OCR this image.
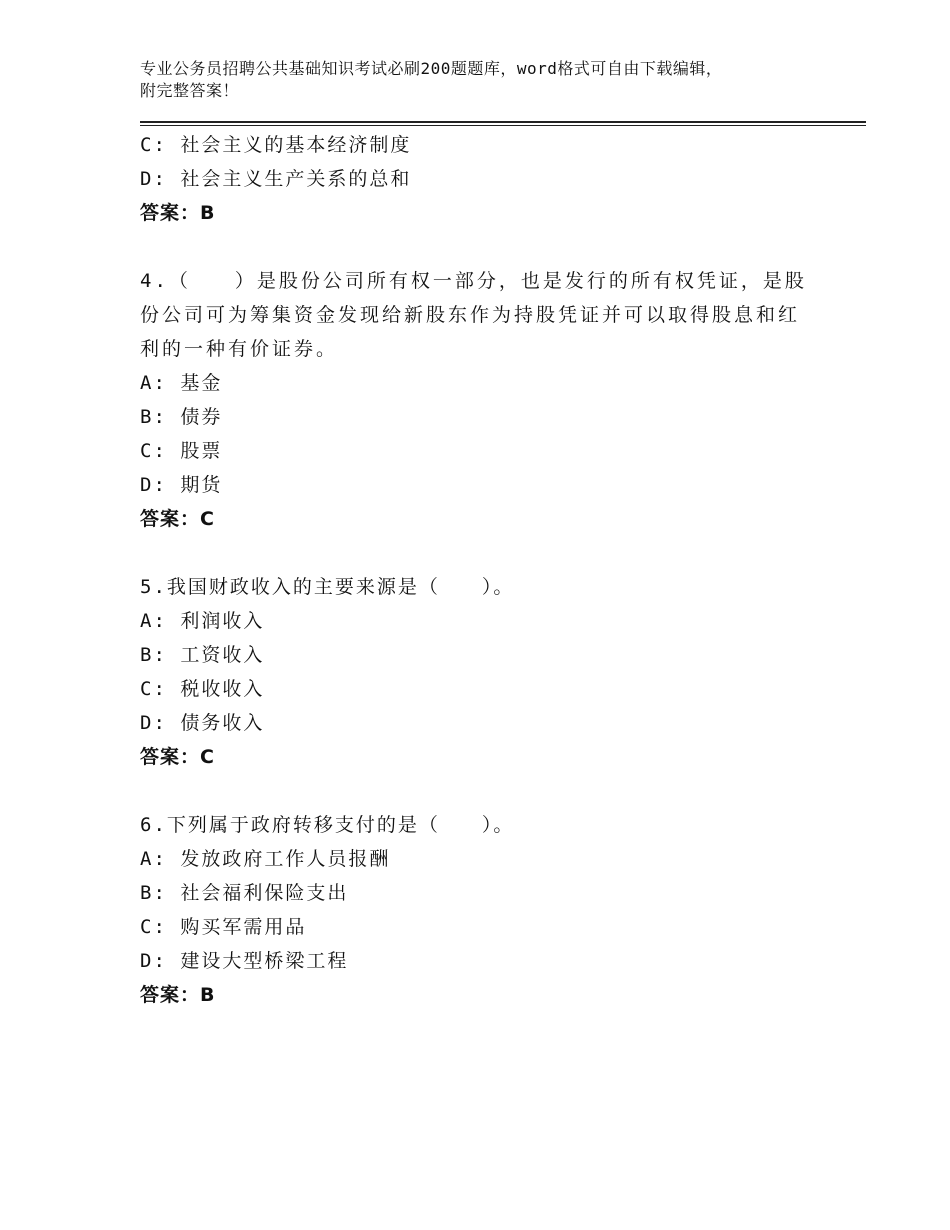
专业公务员招聘公共基础知识考试必刷200题题库，word格式可自由下载编辑，
附完整答案！
C: 社会主义的基本经济制度
D: 社会主义生产关系的总和
答案：B
4.（　　）是股份公司所有权一部分，也是发行的所有权凭证，是股
份公司可为筹集资金发现给新股东作为持股凭证并可以取得股息和红
利的一种有价证券。
A: 基金
B: 债券
C: 股票
D: 期货
答案：C
5.我国财政收入的主要来源是（　　）。
A: 利润收入
B: 工资收入
C: 税收收入
D: 债务收入
答案：C
6.下列属于政府转移支付的是（　　）。
A: 发放政府工作人员报酬
B: 社会福利保险支出
C: 购买军需用品
D: 建设大型桥梁工程
答案：B
